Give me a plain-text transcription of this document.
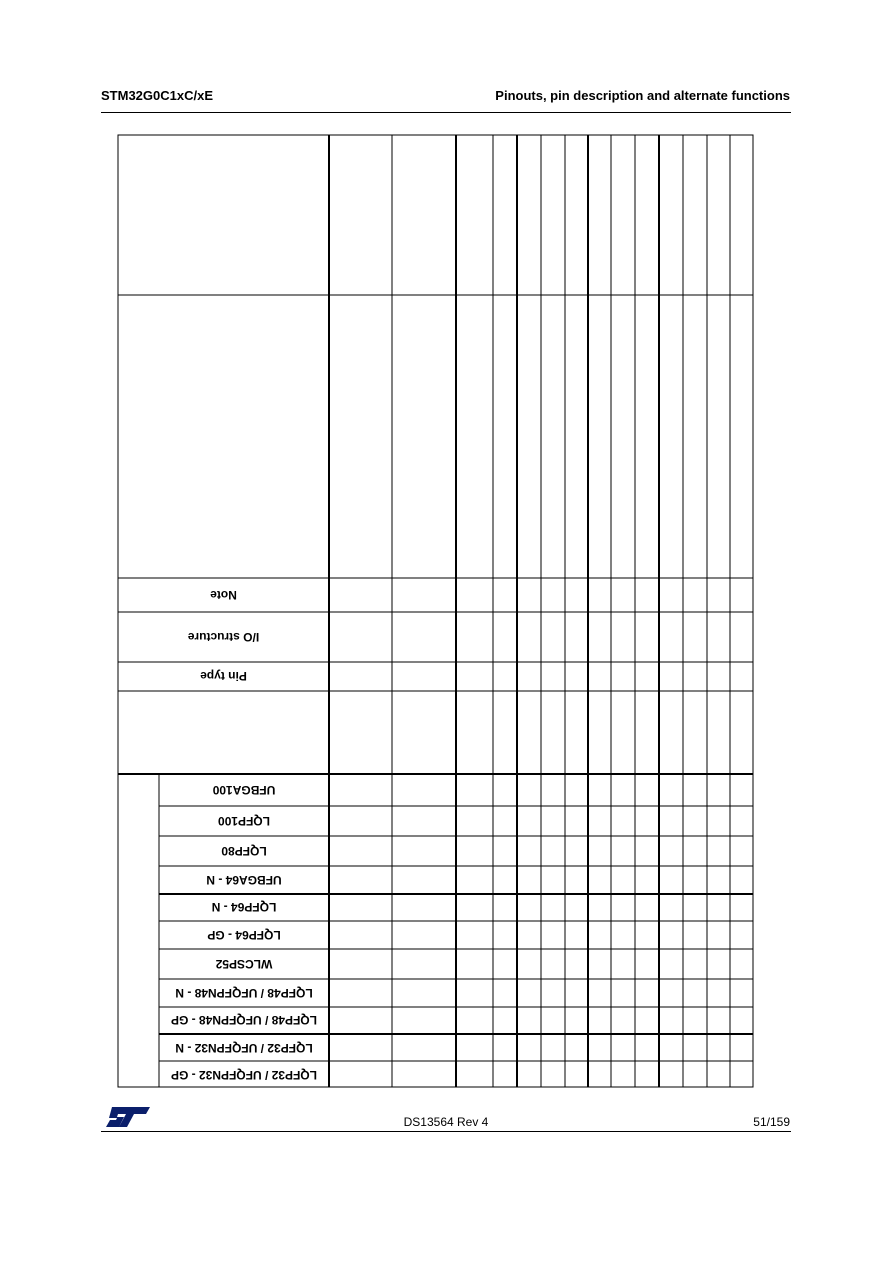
STM32G0C1xC/xE	Pinouts, pin description and alternate functions
Note
I/O structure
Pin type
UFBGA100
LQFP100
LQFP80
UFBGA64 - N
LQFP64 - N
LQFP64 - GP
WLCSP52
LQFP48 / UFQFPN48 - N
LQFP48 / UFQFPN48 - GP
LQFP32 / UFQFPN32 - N
LQFP32 / UFQFPN32 - GP
DS13564 Rev 4	51/159
